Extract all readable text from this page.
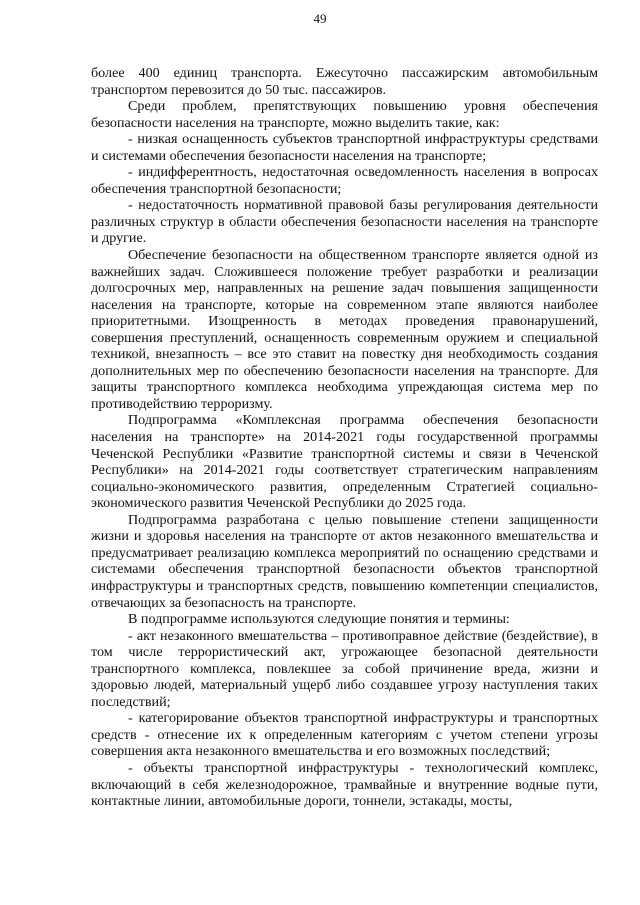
49

более 400 единиц транспорта. Ежесуточно пассажирским автомобильным транспортом перевозится до 50 тыс. пассажиров.

Среди проблем, препятствующих повышению уровня обеспечения безопасности населения на транспорте, можно выделить такие, как:

- низкая оснащенность субъектов транспортной инфраструктуры средствами и системами обеспечения безопасности населения на транспорте;

- индифферентность, недостаточная осведомленность населения в вопросах обеспечения транспортной безопасности;

- недостаточность нормативной правовой базы регулирования деятельности различных структур в области обеспечения безопасности населения на транспорте и другие.

Обеспечение безопасности на общественном транспорте является одной из важнейших задач. Сложившееся положение требует разработки и реализации долгосрочных мер, направленных на решение задач повышения защищенности населения на транспорте, которые на современном этапе являются наиболее приоритетными. Изощренность в методах проведения правонарушений, совершения преступлений, оснащенность современным оружием и специальной техникой, внезапность – все это ставит на повестку дня необходимость создания дополнительных мер по обеспечению безопасности населения на транспорте. Для защиты транспортного комплекса необходима упреждающая система мер по противодействию терроризму.

Подпрограмма «Комплексная программа обеспечения безопасности населения на транспорте» на 2014-2021 годы государственной программы Чеченской Республики «Развитие транспортной системы и связи в Чеченской Республики» на 2014-2021 годы соответствует стратегическим направлениям социально-экономического развития, определенным Стратегией социально-экономического развития Чеченской Республики до 2025 года.

Подпрограмма разработана с целью повышение степени защищенности жизни и здоровья населения на транспорте от актов незаконного вмешательства и предусматривает реализацию комплекса мероприятий по оснащению средствами и системами обеспечения транспортной безопасности объектов транспортной инфраструктуры и транспортных средств, повышению компетенции специалистов, отвечающих за безопасность на транспорте.

В подпрограмме используются следующие понятия и термины:

- акт незаконного вмешательства – противоправное действие (бездействие), в том числе террористический акт, угрожающее безопасной деятельности транспортного комплекса, повлекшее за собой причинение вреда, жизни и здоровью людей, материальный ущерб либо создавшее угрозу наступления таких последствий;

- категорирование объектов транспортной инфраструктуры и транспортных средств - отнесение их к определенным категориям с учетом степени угрозы совершения акта незаконного вмешательства и его возможных последствий;

- объекты транспортной инфраструктуры - технологический комплекс, включающий в себя железнодорожное, трамвайные и внутренние водные пути, контактные линии, автомобильные дороги, тоннели, эстакады, мосты,
